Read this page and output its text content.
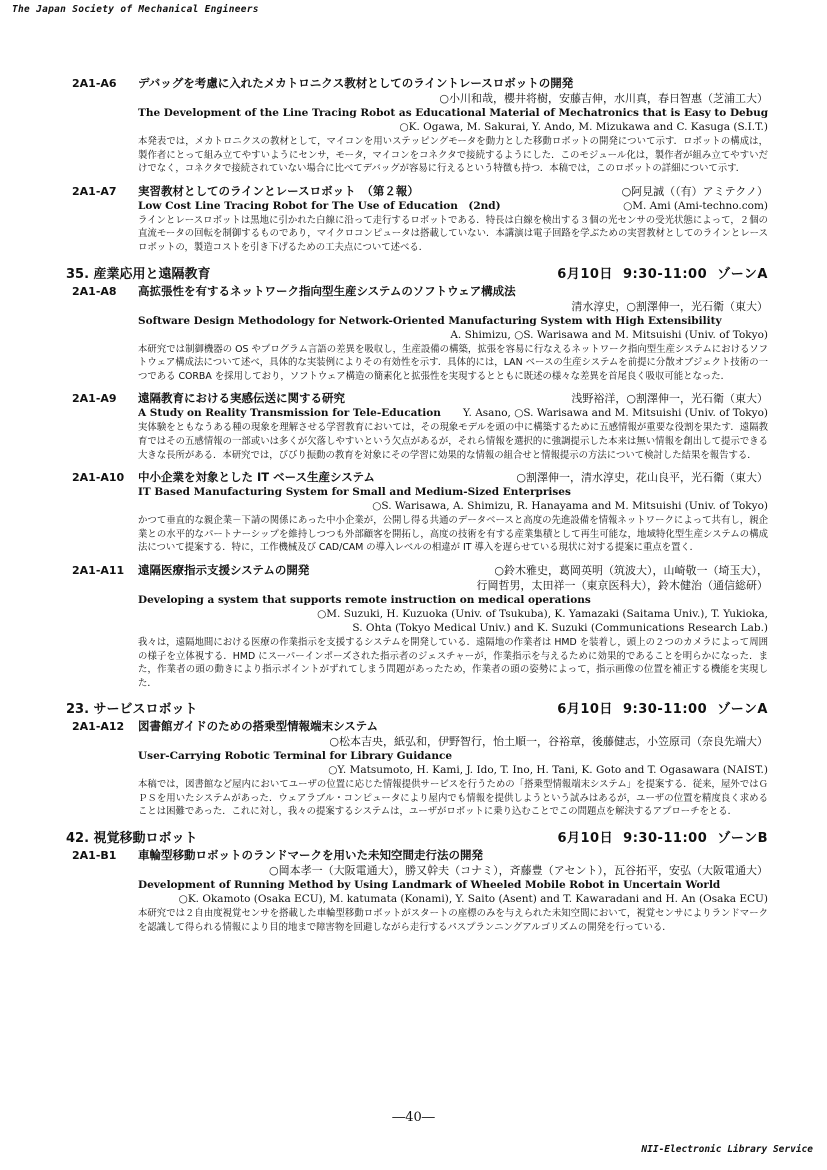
The Japan Society of Mechanical Engineers
2A1-A6 デバッグを考慮に入れたメカトロニクス教材としてのライントレースロボットの開発
○小川和哉，櫻井将樹，安藤吉伸，水川真，春日智惠（芝浦工大）
The Development of the Line Tracing Robot as Educational Material of Mechatronics that is Easy to Debug
○K. Ogawa, M. Sakurai, Y. Ando, M. Mizukawa and C. Kasuga (S.I.T.)
本発表では，メカトロニクスの教材として，マイコンを用いステッピングモータを動力とした移動ロボットの開発について示す．ロボットの構成は，製作者にとって組み立てやすいようにセンサ，モータ，マイコンをコネクタで接続するようにした．このモジュール化は，製作者が組み立てやすいだけでなく，コネクタで接続されていない場合に比べてデバッグが容易に行えるという特徴も持つ．本稿では，このロボットの詳細について示す．
2A1-A7 実習教材としてのラインとレースロボット　（第２報）	○阿見誠（（有）アミテクノ）
Low Cost Line Tracing Robot for The Use of Education　(2nd)	○M. Ami (Ami-techno.com)
ラインとレースロボットは黒地に引かれた白線に沿って走行するロボットである．特長は白線を検出する３個の光センサの受光状態によって，２個の直流モータの回転を制御するものであり，マイクロコンピュータは搭載していない．本講演は電子回路を学ぶための実習教材としてのラインとレースロボットの，製造コストを引き下げるための工夫点について述べる．
35. 産業応用と遠隔教育	6月10日 9:30-11:00 ゾーンA
2A1-A8 高拡張性を有するネットワーク指向型生産システムのソフトウェア構成法
清水淳史，○割澤伸一，光石衛（東大）
Software Design Methodology for Network-Oriented Manufacturing System with High Extensibility
A. Shimizu, ○S. Warisawa and M. Mitsuishi (Univ. of Tokyo)
本研究では制御機器の OS やプログラム言語の差異を吸収し，生産設備の構築，拡張を容易に行なえるネットワーク指向型生産システムにおけるソフトウェア構成法について述べ，具体的な実装例によりその有効性を示す．具体的には，LAN ベースの生産システムを前提に分散オブジェクト技術の一つである CORBA を採用しており，ソフトウェア構造の簡素化と拡張性を実現するとともに既述の様々な差異を首尾良く吸収可能となった．
2A1-A9 遠隔教育における実感伝送に関する研究	浅野裕洋，○割澤伸一，光石衛（東大）
A Study on Reality Transmission for Tele-Education Y. Asano, ○S. Warisawa and M. Mitsuishi (Univ. of Tokyo)
実体験をともなうある種の現象を理解させる学習教育においては，その現象モデルを頭の中に構築するために五感情報が重要な役割を果たす．遠隔教育ではその五感情報の一部或いは多くが欠落しやすいという欠点があるが，それら情報を選択的に強調提示した本来は無い情報を創出して提示できる大きな長所がある．本研究では，びびり振動の教育を対象にその学習に効果的な情報の組合せと情報提示の方法について検討した結果を報告する．
2A1-A10 中小企業を対象とした IT ベース生産システム	○割澤伸一，清水淳史，花山良平，光石衛（東大）
IT Based Manufacturing System for Small and Medium-Sized Enterprises
○S. Warisawa, A. Shimizu, R. Hanayama and M. Mitsuishi (Univ. of Tokyo)
かつて垂直的な親企業－下請の関係にあった中小企業が，公開し得る共通のデータベースと高度の先進設備を情報ネットワークによって共有し，親企業との水平的なパートナーシップを維持しつつも外部顧客を開拓し，高度の技術を有する産業集積として再生可能な，地域特化型生産システムの構成法について提案する．特に，工作機械及び CAD/CAM の導入レベルの相違が IT 導入を遅らせている現状に対する提案に重点を置く．
2A1-A11 遠隔医療指示支援システムの開発	○鈴木雅史，葛岡英明（筑波大），山崎敬一（埼玉大），
行岡哲男，太田祥一（東京医科大），鈴木健治（通信総研）
Developing a system that supports remote instruction on medical operations
○M. Suzuki, H. Kuzuoka (Univ. of Tsukuba), K. Yamazaki (Saitama Univ.), T. Yukioka,
S. Ohta (Tokyo Medical Univ.) and K. Suzuki (Communications Research Lab.)
我々は，遠隔地間における医療の作業指示を支援するシステムを開発している．遠隔地の作業者は HMD を装着し，頭上の２つのカメラによって周囲の様子を立体視する．HMD にスーパーインポーズされた指示者のジェスチャーが，作業指示を与えるために効果的であることを明らかになった．また，作業者の頭の動きにより指示ポイントがずれてしまう問題があったため，作業者の頭の姿勢によって，指示画像の位置を補正する機能を実現した．
23. サービスロボット	6月10日 9:30-11:00 ゾーンA
2A1-A12 図書館ガイドのための搭乗型情報端末システム
○松本吉央，紙弘和，伊野智行，怡土順一，谷裕章，後藤健志，小笠原司（奈良先端大）
User-Carrying Robotic Terminal for Library Guidance
○Y. Matsumoto, H. Kami, J. Ido, T. Ino, H. Tani, K. Goto and T. Ogasawara (NAIST.)
本稿では，図書館など屋内においてユーザの位置に応じた情報提供サービスを行うための「搭乗型情報端末システム」を提案する．従来，屋外ではＧＰＳを用いたシステムがあった．ウェアラブル・コンピュータにより屋内でも情報を提供しようという試みはあるが，ユーザの位置を精度良く求めることは困難であった．これに対し，我々の提案するシステムは，ユーザがロボットに乗り込むことでこの問題点を解決するアプローチをとる．
42. 視覚移動ロボット	6月10日 9:30-11:00 ゾーンB
2A1-B1 車輪型移動ロボットのランドマークを用いた未知空間走行法の開発
○岡本孝一（大阪電通大），勝又幹夫（コナミ），斉藤豊（アセント），瓦谷拓平，安弘（大阪電通大）
Development of Running Method by Using Landmark of Wheeled Mobile Robot in Uncertain World
○K. Okamoto (Osaka ECU), M. katumata (Konami), Y. Saito (Asent) and T. Kawaradani and H. An (Osaka ECU)
本研究では２自由度視覚センサを搭載した車輪型移動ロボットがスタートの座標のみを与えられた未知空間において，視覚センサによりランドマークを認識して得られる情報により目的地まで障害物を回避しながら走行するパスプランニングアルゴリズムの開発を行っている．
―40―
NII-Electronic Library Service
